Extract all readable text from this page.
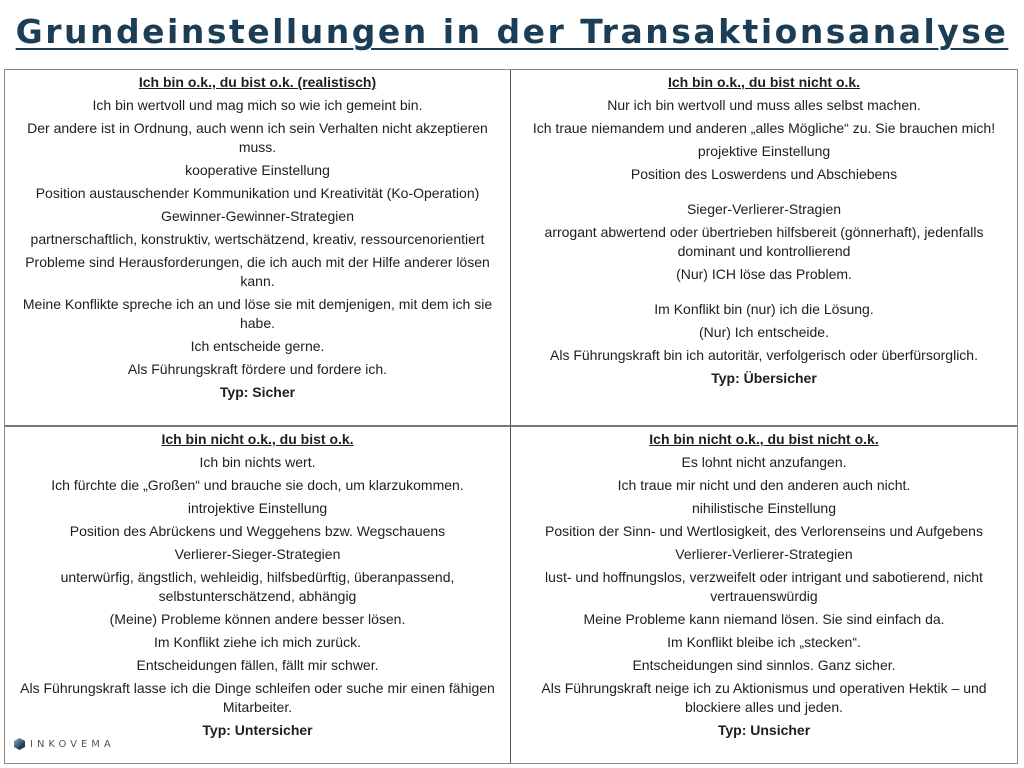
Grundeinstellungen in der Transaktionsanalyse
Ich bin o.k., du bist o.k. (realistisch)
Ich bin wertvoll und mag mich so wie ich gemeint bin.
Der andere ist in Ordnung, auch wenn ich sein Verhalten nicht akzeptieren muss.
kooperative Einstellung
Position austauschender Kommunikation und Kreativität (Ko-Operation)
Gewinner-Gewinner-Strategien
partnerschaftlich, konstruktiv, wertschätzend, kreativ, ressourcenorientiert
Probleme sind Herausforderungen, die ich auch mit der Hilfe anderer lösen kann.
Meine Konflikte spreche ich an und löse sie mit demjenigen, mit dem ich sie habe.
Ich entscheide gerne.
Als Führungskraft fördere und fordere ich.
Typ: Sicher
Ich bin o.k., du bist nicht o.k.
Nur ich bin wertvoll und muss alles selbst machen.
Ich traue niemandem und anderen „alles Mögliche“ zu. Sie brauchen mich!
projektive Einstellung
Position des Loswerdens und Abschiebens
Sieger-Verlierer-Stragien
arrogant abwertend oder übertrieben hilfsbereit (gönnerhaft), jedenfalls dominant und kontrollierend
(Nur) ICH löse das Problem.
Im Konflikt bin (nur) ich die Lösung.
(Nur) Ich entscheide.
Als Führungskraft bin ich autoritär, verfolgerisch oder überfürsorglich.
Typ: Übersicher
Ich bin nicht o.k., du bist o.k.
Ich bin nichts wert.
Ich fürchte die „Großen“ und brauche sie doch, um klarzukommen.
introjektive Einstellung
Position des Abrückens und Weggehens bzw. Wegschauens
Verlierer-Sieger-Strategien
unterwürfig, ängstlich, wehleidig, hilfsbedürftig, überanpassend, selbstunterschätzend, abhängig
(Meine) Probleme können andere besser lösen.
Im Konflikt ziehe ich mich zurück.
Entscheidungen fällen, fällt mir schwer.
Als Führungskraft lasse ich die Dinge schleifen oder suche mir einen fähigen Mitarbeiter.
Typ: Untersicher
Ich bin nicht o.k., du bist nicht o.k.
Es lohnt nicht anzufangen.
Ich traue mir nicht und den anderen auch nicht.
nihilistische Einstellung
Position der Sinn- und Wertlosigkeit, des Verlorenseins und Aufgebens
Verlierer-Verlierer-Strategien
lust- und hoffnungslos, verzweifelt oder intrigant und sabotierend, nicht vertrauenswürdig
Meine Probleme kann niemand lösen. Sie sind einfach da.
Im Konflikt bleibe ich „stecken“.
Entscheidungen sind sinnlos. Ganz sicher.
Als Führungskraft neige ich zu Aktionismus und operativen Hektik – und blockiere alles und jeden.
Typ: Unsicher
INKOVEMA
